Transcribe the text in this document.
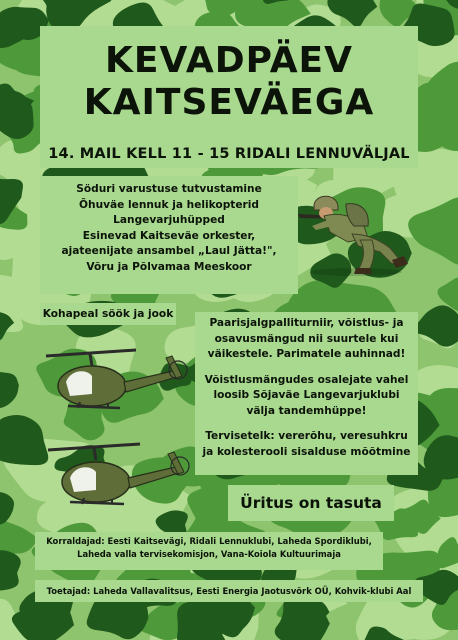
KEVADPÄEV
KAITSEVÄEGA
14. MAIL KELL 11 - 15 RIDALI LENNUVÄLJAL
Söduri varustuse tutvustamine
Õhuväe lennuk ja helikopterid
Langevarjuhüpped
Esinevad Kaitseväe orkester,
ajateenijate ansambel „Laul Jätta!",
Võru ja Põlvamaa Meeskoor
Kohapeal söök ja jook

Paarisjalgpalliturniir, võistlus- ja osavusmängud nii suurtele kui väikestele. Parimatele auhinnad!

Võistlusmängudes osalejate vahel loosib Sõjaväe Langevarjuklubi välja tandemhüppe!

Tervisetelk: vererõhu, veresuhkru ja kolesterooli sisalduse mõõtmine

Üritus on tasuta
Korraldajad: Eesti Kaitsevägi, Ridali Lennuklubi, Laheda Spordiklubi, Laheda valla tervisekomisjon, Vana-Koiola Kultuurimaja
Toetajad: Laheda Vallavalitsus, Eesti Energia Jaotusvõrk OÜ, Kohvik-klubi Aal
